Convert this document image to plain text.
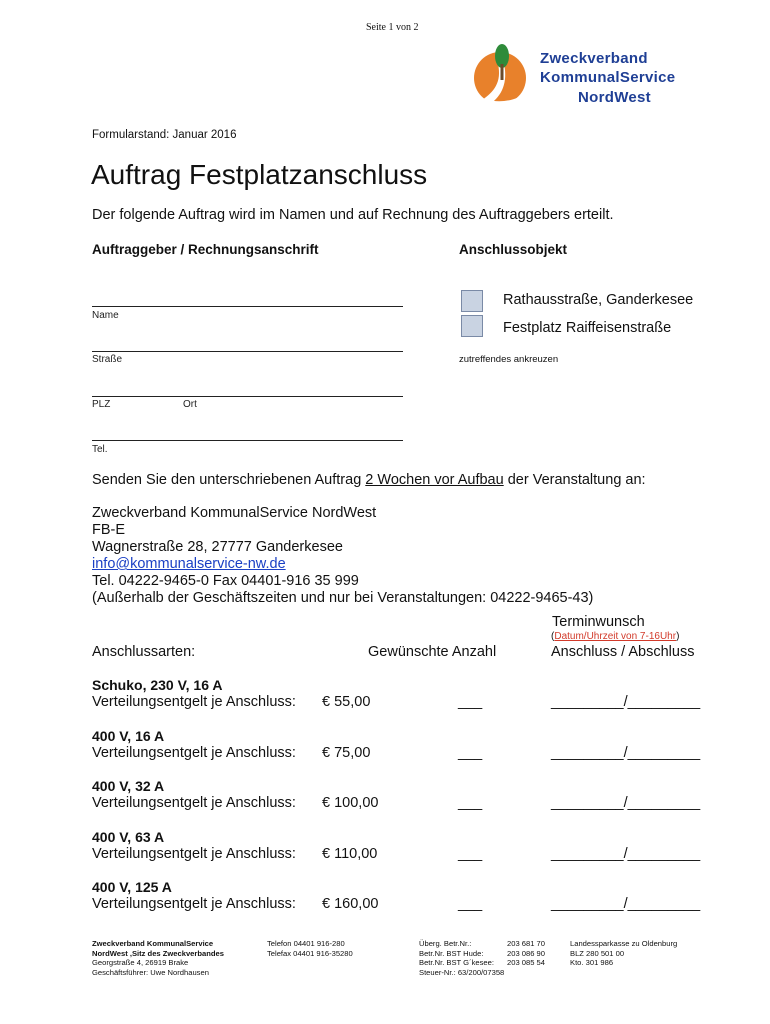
Seite 1 von 2
Zweckverband
KommunalService
NordWest
Formularstand: Januar 2016
Auftrag Festplatzanschluss
Der folgende Auftrag wird im Namen und auf Rechnung des Auftraggebers erteilt.
Auftraggeber / Rechnungsanschrift	Anschlussobjekt
Name
Straße
PLZ	Ort
Tel.
Rathausstraße, Ganderkesee
Festplatz Raiffeisenstraße
zutreffendes ankreuzen
Senden Sie den unterschriebenen Auftrag 2 Wochen vor Aufbau der Veranstaltung an:
Zweckverband KommunalService NordWest
FB-E
Wagnerstraße 28, 27777 Ganderkesee
info@kommunalservice-nw.de
Tel. 04222-9465-0 Fax 04401-916 35 999
(Außerhalb der Geschäftszeiten und nur bei Veranstaltungen: 04222-9465-43)
Terminwunsch
(Datum/Uhrzeit von 7-16Uhr)
Anschlussarten:	Gewünschte Anzahl	Anschluss / Abschluss
Schuko, 230 V, 16 A
Verteilungsentgelt je Anschluss: € 55,00	___	_________/_________
400 V, 16 A
Verteilungsentgelt je Anschluss: € 75,00	___	_________/_________
400 V, 32 A
Verteilungsentgelt je Anschluss: € 100,00	___	_________/_________
400 V, 63 A
Verteilungsentgelt je Anschluss: € 110,00	___	_________/_________
400 V, 125 A
Verteilungsentgelt je Anschluss: € 160,00	___	_________/_________
Zweckverband KommunalService
NordWest ,Sitz des Zweckverbandes
Georgstraße 4, 26919 Brake
Geschäftsführer: Uwe Nordhausen
Telefon 04401 916-280
Telefax 04401 916-35280
Überg. Betr.Nr.:
Betr.Nr. BST Hude:
Betr.Nr. BST G´kesee:
Steuer-Nr.: 63/200/07358
203 681 70
203 086 90
203 085 54
Landessparkasse zu Oldenburg
BLZ 280 501 00
Kto. 301 986
